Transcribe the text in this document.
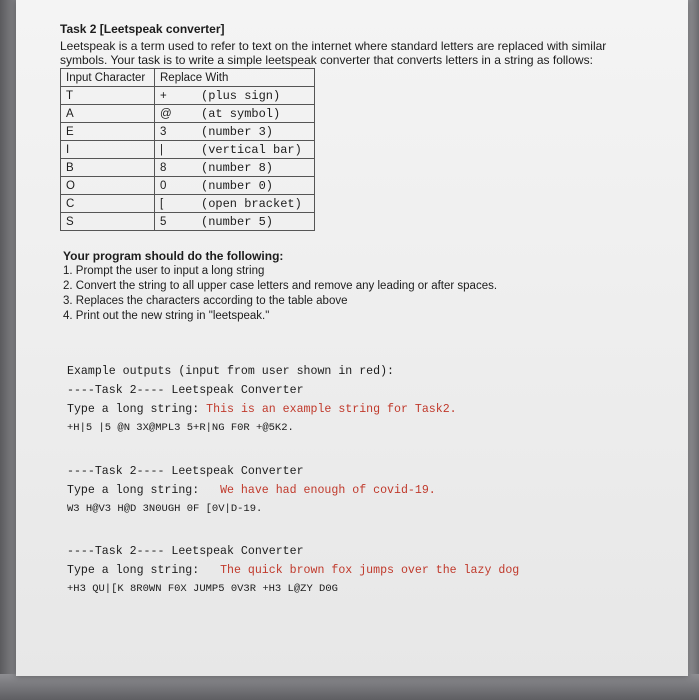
Task 2 [Leetspeak converter]

Leetspeak is a term used to refer to text on the internet where standard letters are replaced with similar
symbols. Your task is to write a simple leetspeak converter that converts letters in a string as follows:

Input Character	Replace With	
T	+	(plus sign)
A	@	(at symbol)
E	3	(number 3)
I	|	(vertical bar)
B	8	(number 8)
O	0	(number 0)
C	[	(open bracket)
S	5	(number 5)
Your program should do the following:
1. Prompt the user to input a long string
2. Convert the string to all upper case letters and remove any leading or after spaces.
3. Replaces the characters according to the table above
4. Print out the new string in "leetspeak."
Example outputs (input from user shown in red):
----Task 2---- Leetspeak Converter
Type a long string: This is an example string for Task2.
+H|5 |5 @N 3X@MPL3 5+R|NG F0R +@5K2.
----Task 2---- Leetspeak Converter
Type a long string:   We have had enough of covid-19.
W3 H@V3 H@D 3N0UGH 0F [0V|D-19.
----Task 2---- Leetspeak Converter
Type a long string:   The quick brown fox jumps over the lazy dog
+H3 QU|[K 8R0WN F0X JUMP5 0V3R +H3 L@ZY D0G
